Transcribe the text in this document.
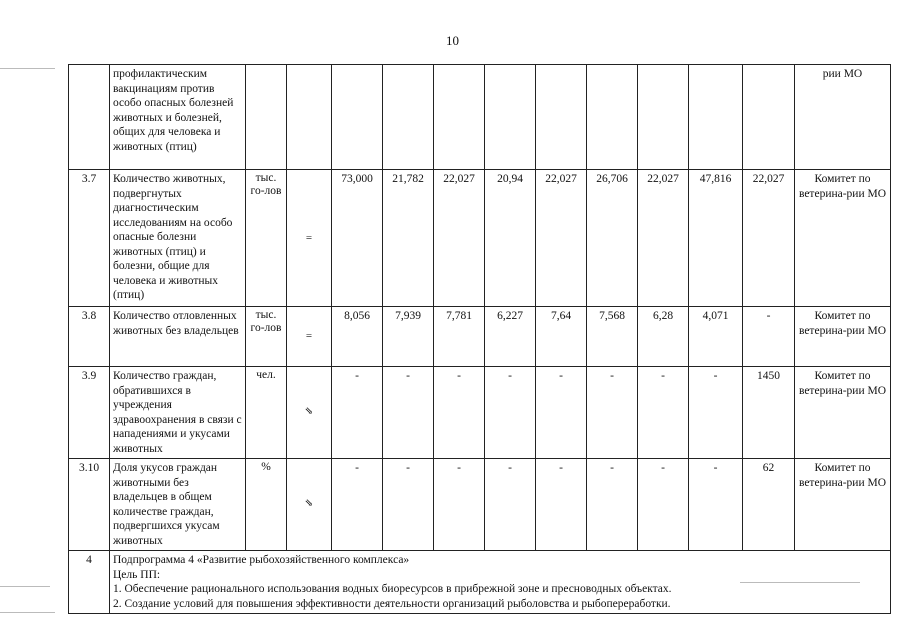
10
	профилактическим вакцинациям против особо опасных болезней животных и болезней, общих для человека и животных (птиц)												рии МО
3.7	Количество животных, подвергнутых диагностическим исследованиям на особо опасные болезни животных (птиц) и болезни, общие для человека и животных (птиц)	тыс. го-лов	=	73,000	21,782	22,027	20,94	22,027	26,706	22,027	47,816	22,027	Комитет по ветерина-рии МО
3.8	Количество отловленных животных без владельцев	тыс. го-лов	=	8,056	7,939	7,781	6,227	7,64	7,568	6,28	4,071	-	Комитет по ветерина-рии МО
3.9	Количество граждан, обратившихся в учреждения здравоохранения в связи с нападениями и укусами животных	чел.	⇘	-	-	-	-	-	-	-	-	1450	Комитет по ветерина-рии МО
3.10	Доля укусов граждан животными без владельцев в общем количестве граждан, подвергшихся укусам животных	%	⇘	-	-	-	-	-	-	-	-	62	Комитет по ветерина-рии МО
4	Подпрограмма 4 «Развитие рыбохозяйственного комплекса»
Цель ПП:
1. Обеспечение рационального использования водных биоресурсов в прибрежной зоне и пресноводных объектах.
2. Создание условий для повышения эффективности деятельности организаций рыболовства и рыбопереработки.												
